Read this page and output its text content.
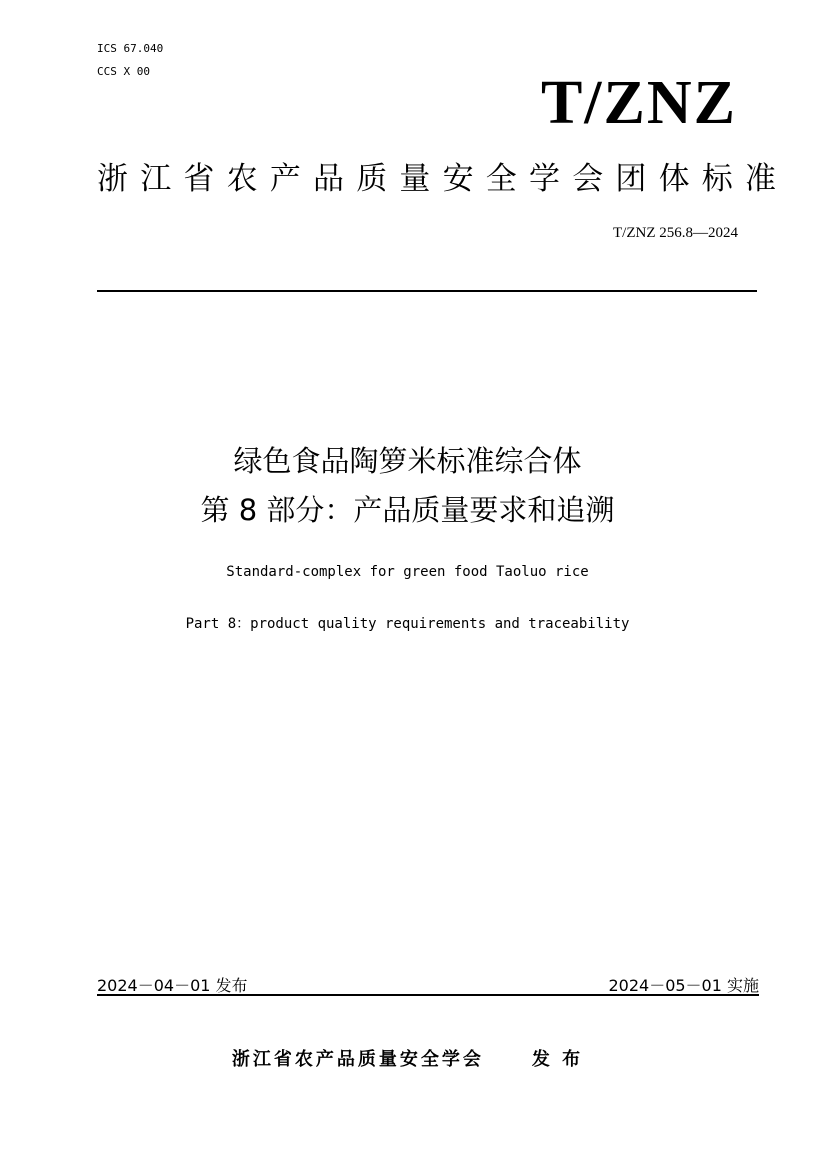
ICS 67.040
CCS X 00	T/ZNZ
浙江省农产品质量安全学会团体标准
T/ZNZ 256.8—2024
绿色食品陶箩米标准综合体
第 8 部分：产品质量要求和追溯
Standard-complex for green food Taoluo rice
Part 8：product quality requirements and traceability
2024－04－01 发布	2024－05－01 实施
浙江省农产品质量安全学会	发 布
